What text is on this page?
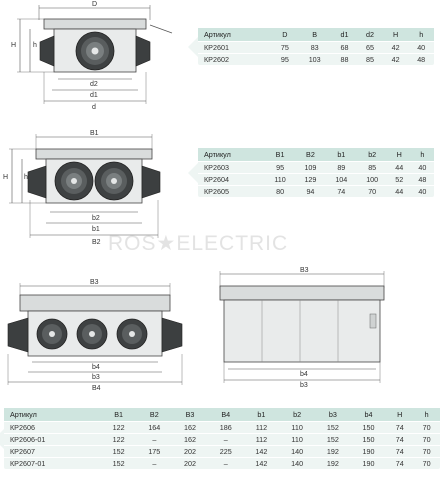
ROS★ELECTRIC
D
H h
d2
d1
d
Артикул	D	B	d1	d2	H	h
КР2601	75	83	68	65	42	40
КР2602	95	103	88	85	42	48
B1
H h
b2
b1
B2
Артикул	B1	B2	b1	b2	H	h
КР2603	95	109	89	85	44	40
КР2604	110	129	104	100	52	48
КР2605	80	94	74	70	44	40
B3
b4
b3
B4
B3
b4
b3
Артикул	B1	B2	B3	B4	b1	b2	b3	b4	H	h
КР2606	122	164	162	186	112	110	152	150	74	70
КР2606-01	122	–	162	–	112	110	152	150	74	70
КР2607	152	175	202	225	142	140	192	190	74	70
КР2607-01	152	–	202	–	142	140	192	190	74	70
